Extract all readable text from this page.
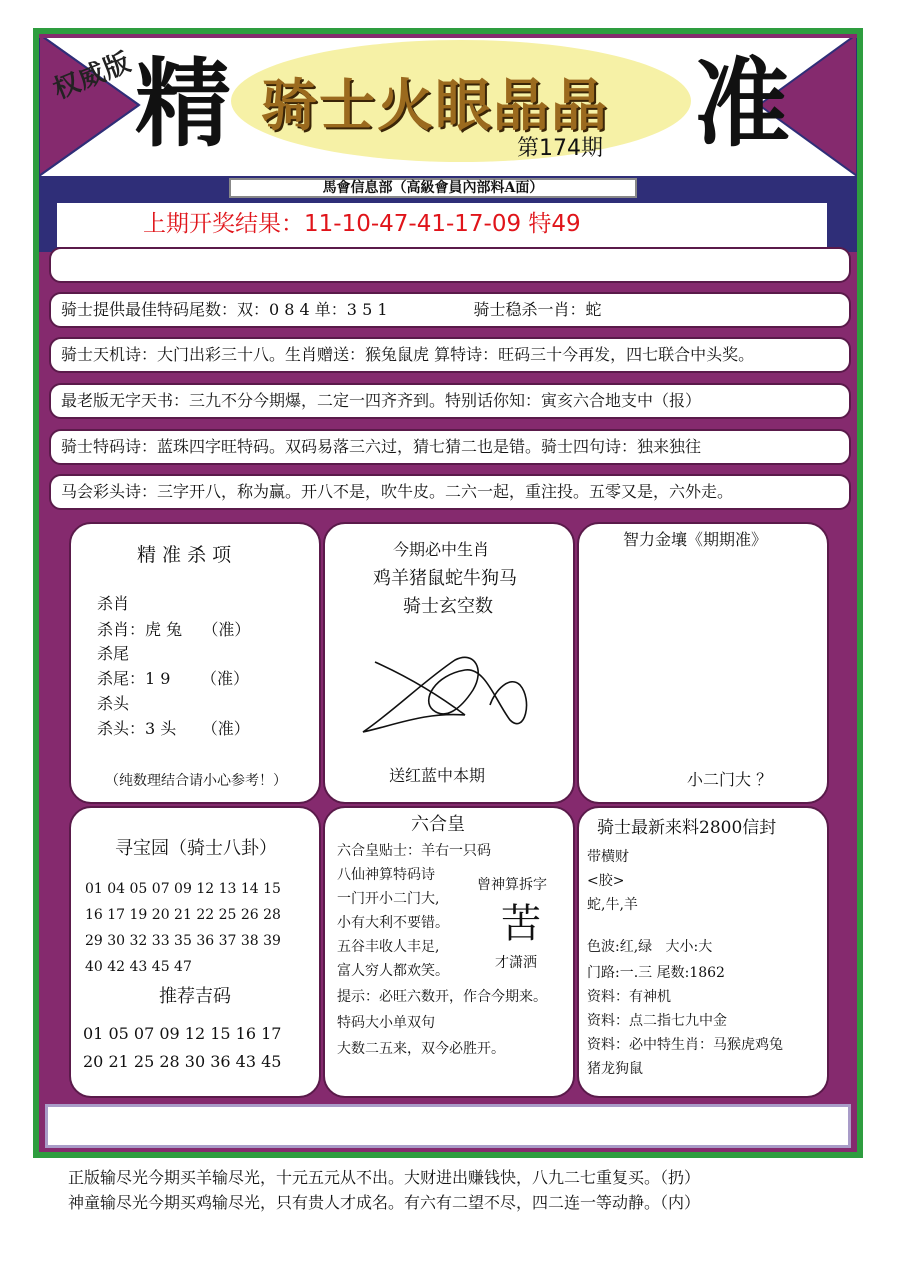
权威版 精 骑士火眼晶晶
第174期 准
馬會信息部（高級會員內部料A面）
上期开奖结果：11-10-47-41-17-09 特49
骑士提供最佳特码尾数：双：0 8 4 单：3 5 1	骑士稳杀一肖：蛇
骑士天机诗：大门出彩三十八。生肖赠送：猴兔鼠虎 算特诗：旺码三十今再发，四七联合中头奖。
最老版无字天书：三九不分今期爆，二定一四齐齐到。特别话你知：寅亥六合地支中（报）
骑士特码诗：蓝珠四字旺特码。双码易落三六过，猜七猜二也是错。骑士四句诗：独来独往
马会彩头诗：三字开八，称为赢。开八不是，吹牛皮。二六一起，重注投。五零又是，六外走。
精 准 杀 项
杀肖
杀肖：虎 兔    （准）
杀尾
杀尾：1 9      （准）
杀头
杀头：3 头     （准）
（纯数理结合请小心参考！）
今期必中生肖
鸡羊猪鼠蛇牛狗马
骑士玄空数
送红蓝中本期
智力金壤《期期准》
小二门大 ？
寻宝园（骑士八卦）
01 04 05 07 09 12 13 14 15
16 17 19 20 21 22 25 26 28
29 30 32 33 35 36 37 38 39
40 42 43 45 47
推荐吉码
01 05 07 09 12 15 16 17
20 21 25 28 30 36 43 45
六合皇
六合皇贴士：羊右一只码
八仙神算特码诗
一门开小二门大,
小有大利不要错。
五谷丰收人丰足,
富人穷人都欢笑。
曾神算拆字
苦
才潇洒
提示：必旺六数开，作合今期来。
特码大小单双句
大数二五来，双今必胜开。
骑士最新来料2800信封
带横财
<胶>
蛇,牛,羊
色波:红,绿   大小:大
门路:一.三 尾数:1862
资料：有神机
资料：点二指七九中金
资料：必中特生肖：马猴虎鸡兔
猪龙狗鼠
正版输尽光今期买羊输尽光，十元五元从不出。大财进出赚钱快，八九二七重复买。（扔）
神童输尽光今期买鸡输尽光，只有贵人才成名。有六有二望不尽，四二连一等动静。（内）
